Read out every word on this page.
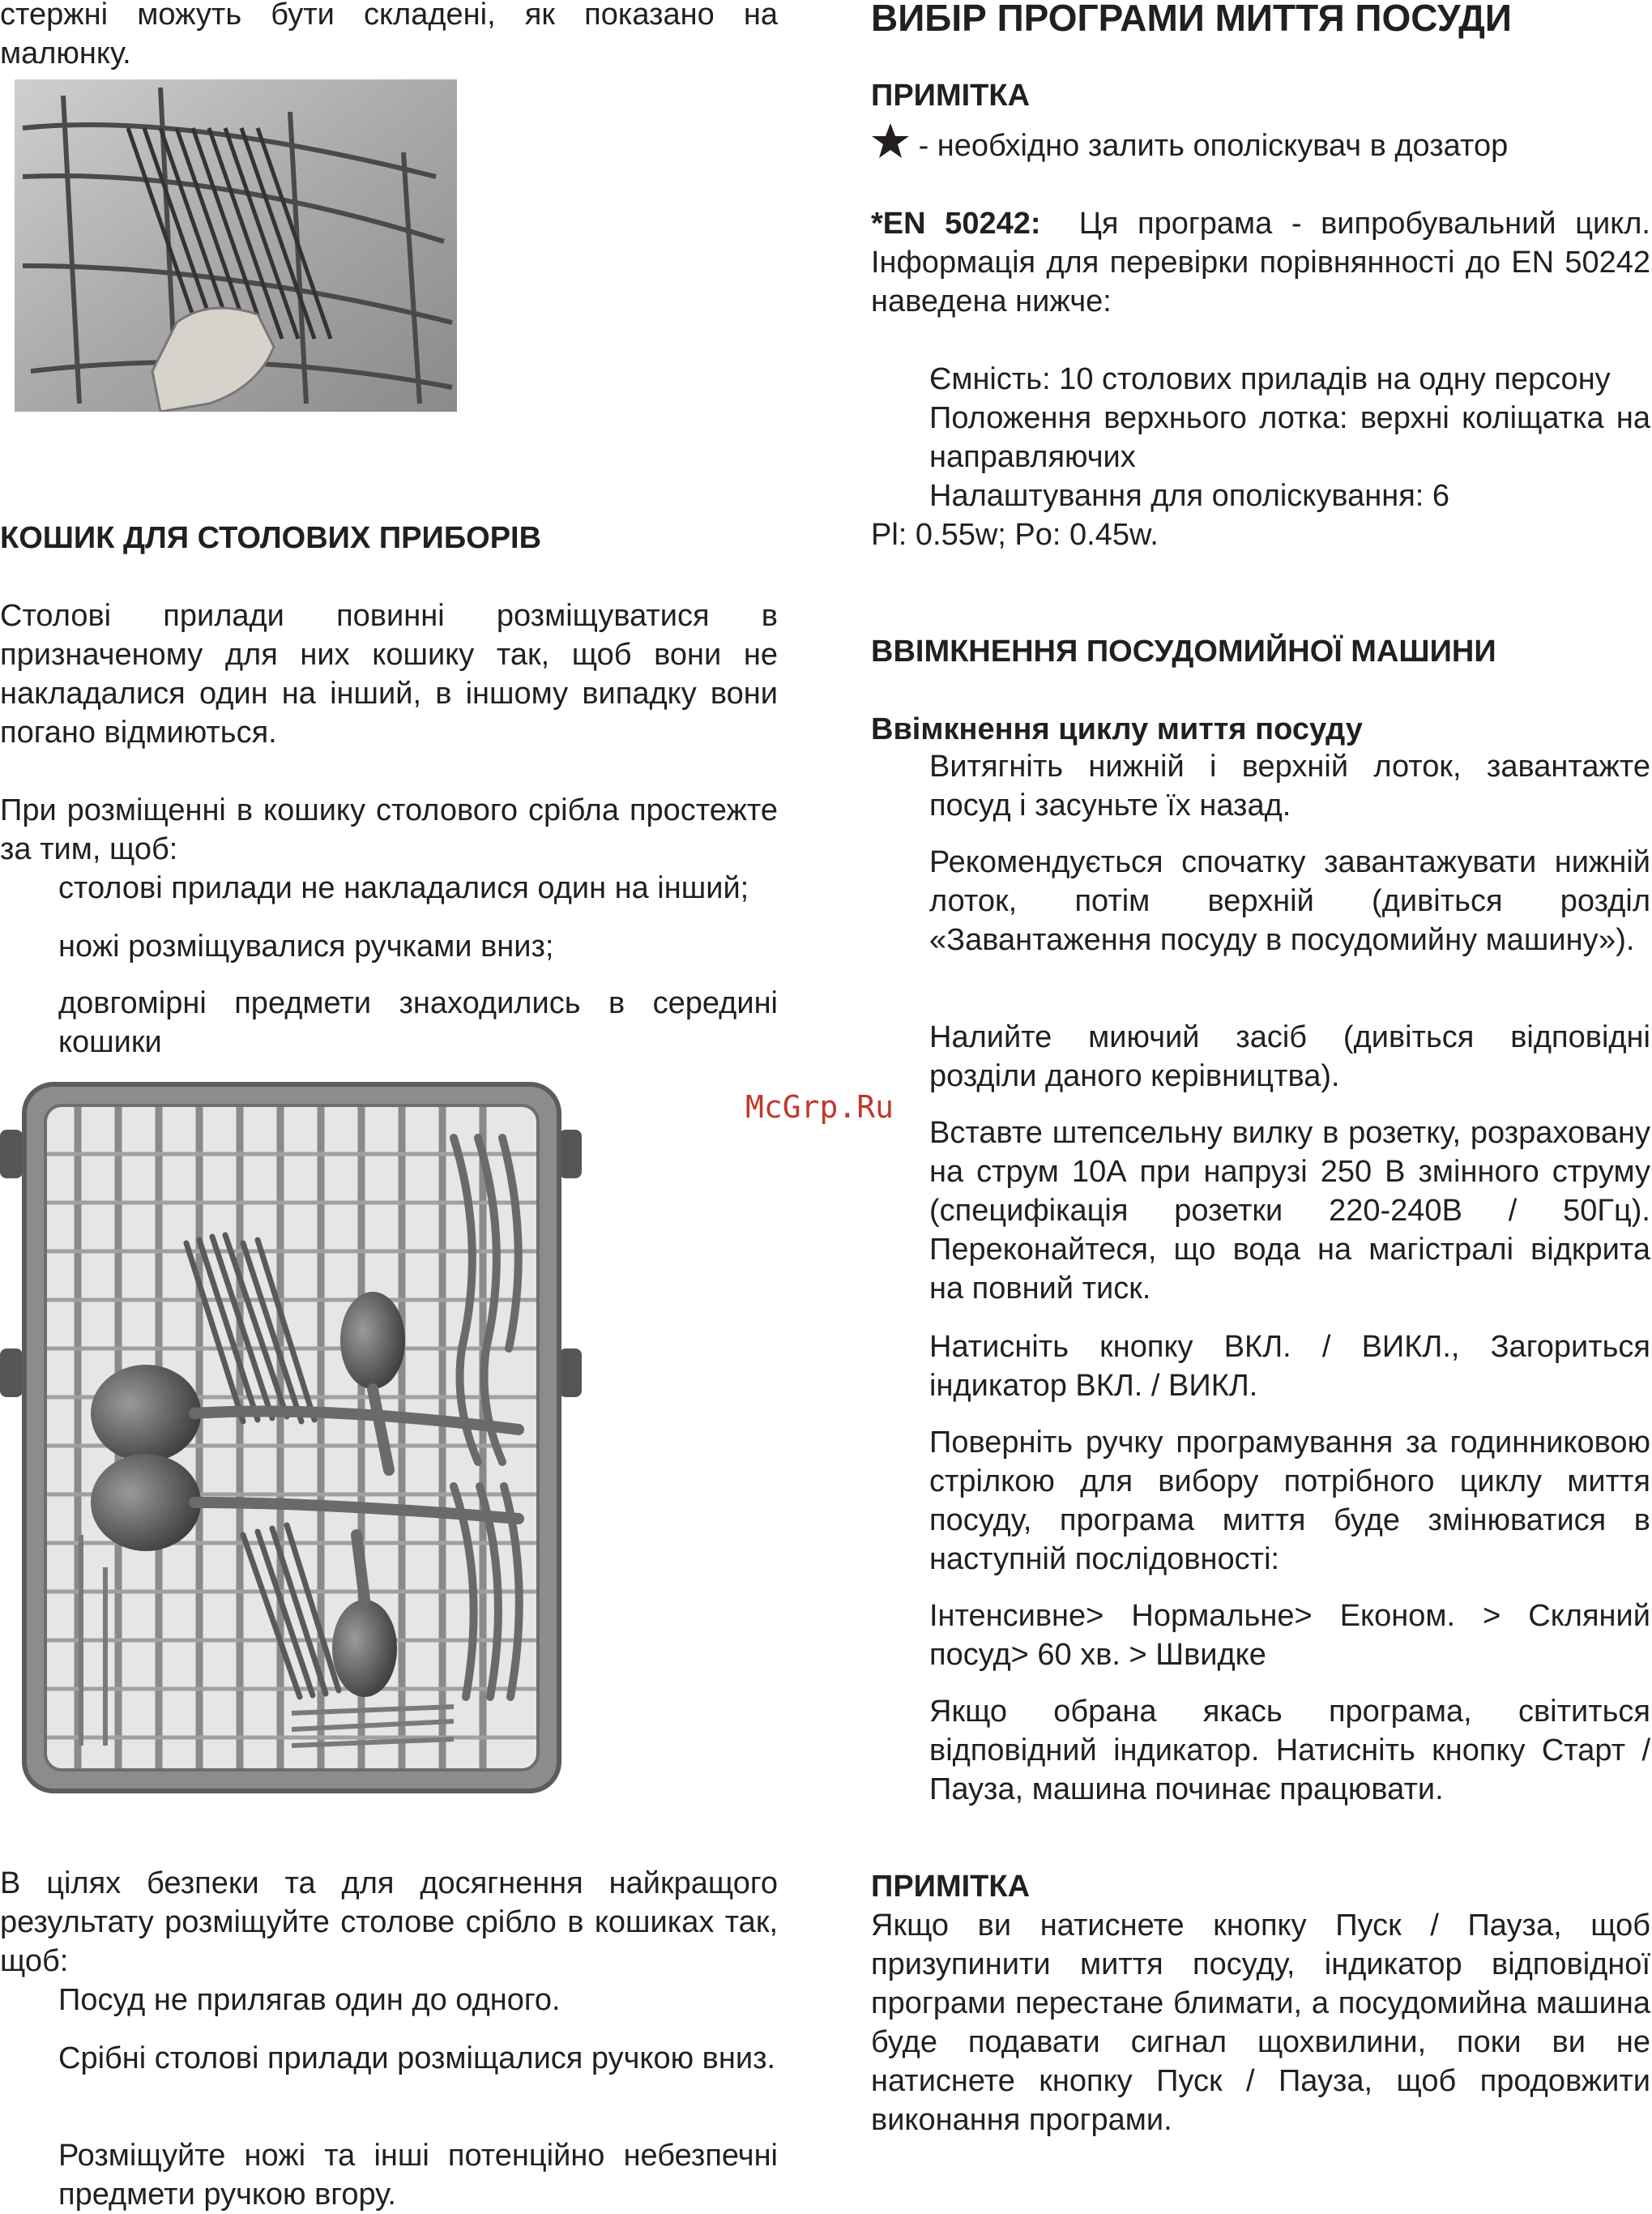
стержні можуть бути складені, як показано на малюнку.

КОШИК ДЛЯ СТОЛОВИХ ПРИБОРІВ

Столові прилади повинні розміщуватися в призначеному для них кошику так, щоб вони не накладалися один на інший, в іншому випадку вони погано відмиються.

При розміщенні в кошику столового срібла простежте за тим, щоб:

столові прилади не накладалися один на інший;

ножі розміщувалися ручками вниз;

довгомірні предмети знаходились в середині кошики

В цілях безпеки та для досягнення найкращого результату розміщуйте столове срібло в кошиках так, щоб:

Посуд не прилягав один до одного.

Срібні столові прилади розміщалися ручкою вниз.

Розміщуйте ножі та інші потенційно небезпечні предмети ручкою вгору.

ВИБІР ПРОГРАМИ МИТТЯ ПОСУДИ
ПРИМІТКА

- необхідно залить ополіскувач в дозатор

*EN 50242: Ця програма - випробувальний цикл. Інформація для перевірки порівнянності до EN 50242 наведена нижче:

Ємність: 10 столових приладів на одну персону

Положення верхнього лотка: верхні коліщатка на направляючих

Налаштування для ополіскування: 6

Pl: 0.55w; Po: 0.45w.

ВВІМКНЕННЯ ПОСУДОМИЙНОЇ МАШИНИ
Ввімкнення циклу миття посуду

Витягніть нижній і верхній лоток, завантажте посуд і засуньте їх назад.

Рекомендується спочатку завантажувати нижній лоток, потім верхній (дивіться розділ «Завантаження посуду в посудомийну машину»).

Налийте миючий засіб (дивіться відповідні розділи даного керівництва).

Вставте штепсельну вилку в розетку, розраховану на струм 10А при напрузі 250 В змінного струму (специфікація розетки 220-240В / 50Гц). Переконайтеся, що вода на магістралі відкрита на повний тиск.

Натисніть кнопку ВКЛ. / ВИКЛ., Загориться індикатор ВКЛ. / ВИКЛ.

Поверніть ручку програмування за годинниковою стрілкою для вибору потрібного циклу миття посуду, програма миття буде змінюватися в наступній послідовності:

Інтенсивне> Нормальне> Економ. > Скляний посуд> 60 хв. > Швидке

Якщо обрана якась програма, світиться відповідний індикатор. Натисніть кнопку Старт / Пауза, машина починає працювати.

ПРИМІТКА

Якщо ви натиснете кнопку Пуск / Пауза, щоб призупинити миття посуду, індикатор відповідної програми перестане блимати, а посудомийна машина буде подавати сигнал щохвилини, поки ви не натиснете кнопку Пуск / Пауза, щоб продовжити виконання програми.

McGrp.Ru
